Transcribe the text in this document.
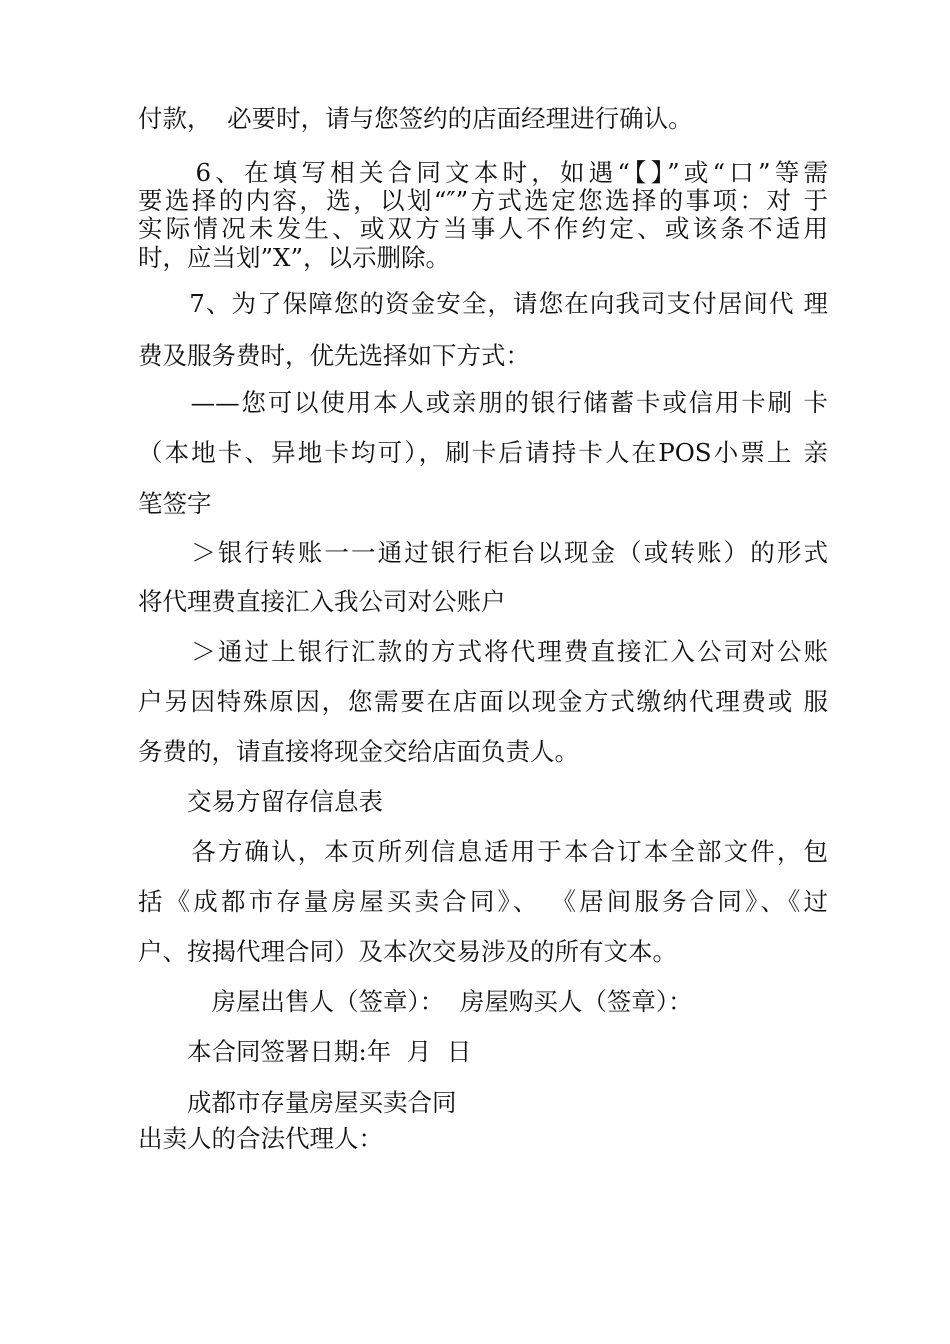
付款，  必要时，请与您签约的店面经理进行确认。
　　6、在填写相关合同文本时，如遇“【】”或“口”等需
要选择的内容，选，以划“″”方式选定您选择的事项：对 于
实际情况未发生、或双方当事人不作约定、或该条不适用
时，应当划”X”，以示删除。
　　7、为了保障您的资金安全，请您在向我司支付居间代 理
费及服务费时，优先选择如下方式：
　　——您可以使用本人或亲朋的银行储蓄卡或信用卡刷 卡
（本地卡、异地卡均可），刷卡后请持卡人在POS小票上 亲
笔签字
　　＞银行转账一一通过银行柜台以现金（或转账）的形式
将代理费直接汇入我公司对公账户
　　＞通过上银行汇款的方式将代理费直接汇入公司对公账
户另因特殊原因，您需要在店面以现金方式缴纳代理费或 服
务费的，请直接将现金交给店面负责人。
　　交易方留存信息表
　　各方确认，本页所列信息适用于本合订本全部文件，包
括《成都市存量房屋买卖合同》、 《居间服务合同》、《过
户、按揭代理合同）及本次交易涉及的所有文本。
　　　房屋出售人（签章）：  房屋购买人（签章）：
　　本合同签署日期:年  月  日
　　成都市存量房屋买卖合同
出卖人的合法代理人：
